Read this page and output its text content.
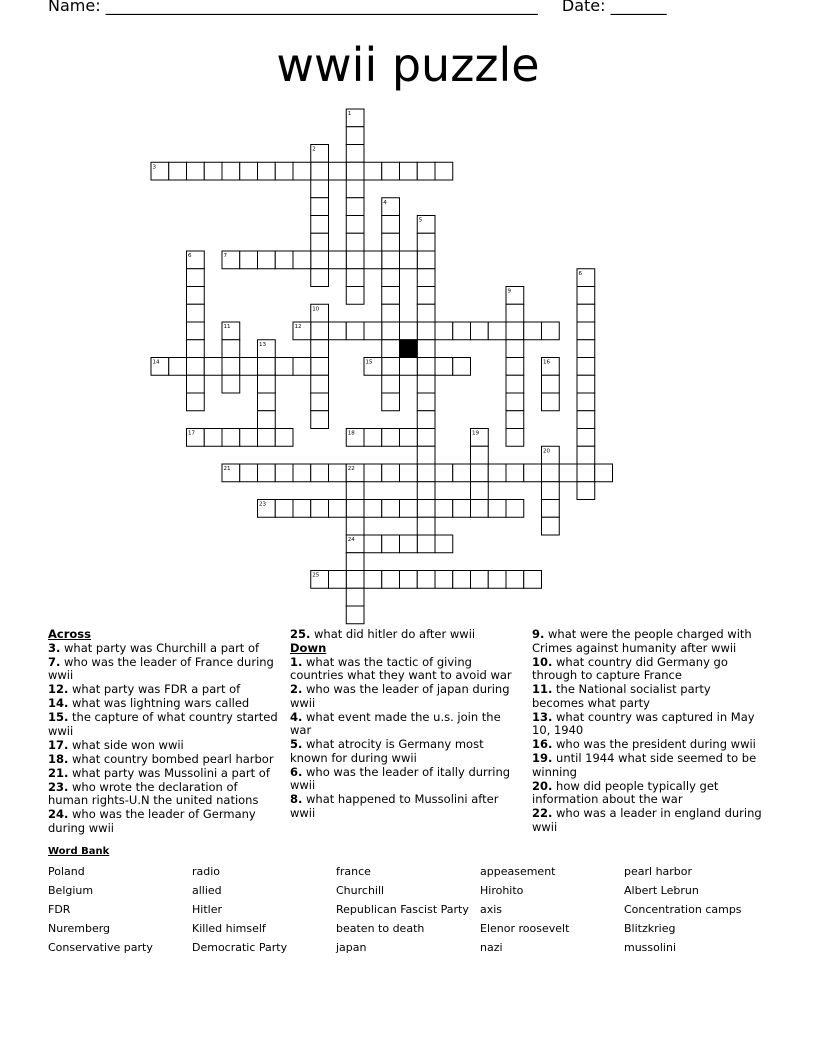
Name: ______________________________________________________ Date: _______
wwii puzzle
1
2
3
4
5
6	7
6
9
10
11	12
13
14	15	16
17	18	19
20
21	22
23
24
25
Across
3. what party was Churchill a part of
7. who was the leader of France during wwii
12. what party was FDR a part of
14. what was lightning wars called
15. the capture of what country started wwii
17. what side won wwii
18. what country bombed pearl harbor
21. what party was Mussolini a part of
23. who wrote the declaration of human rights-U.N the united nations
24. who was the leader of Germany during wwii
25. what did hitler do after wwii
Down
1. what was the tactic of giving countries what they want to avoid war
2. who was the leader of japan during wwii
4. what event made the u.s. join the war
5. what atrocity is Germany most known for during wwii
6. who was the leader of itally durring wwii
8. what happened to Mussolini after wwii
9. what were the people charged with Crimes against humanity after wwii
10. what country did Germany go through to capture France
11. the National socialist party becomes what party
13. what country was captured in May 10, 1940
16. who was the president during wwii
19. until 1944 what side seemed to be winning
20. how did people typically get information about the war
22. who was a leader in england during wwii
Word Bank
Poland	radio	france	appeasement	pearl harbor
Belgium	allied	Churchill	Hirohito	Albert Lebrun
FDR	Hitler	Republican Fascist Party	axis	Concentration camps
Nuremberg	Killed himself	beaten to death	Elenor roosevelt	Blitzkrieg
Conservative party	Democratic Party	japan	nazi	mussolini
